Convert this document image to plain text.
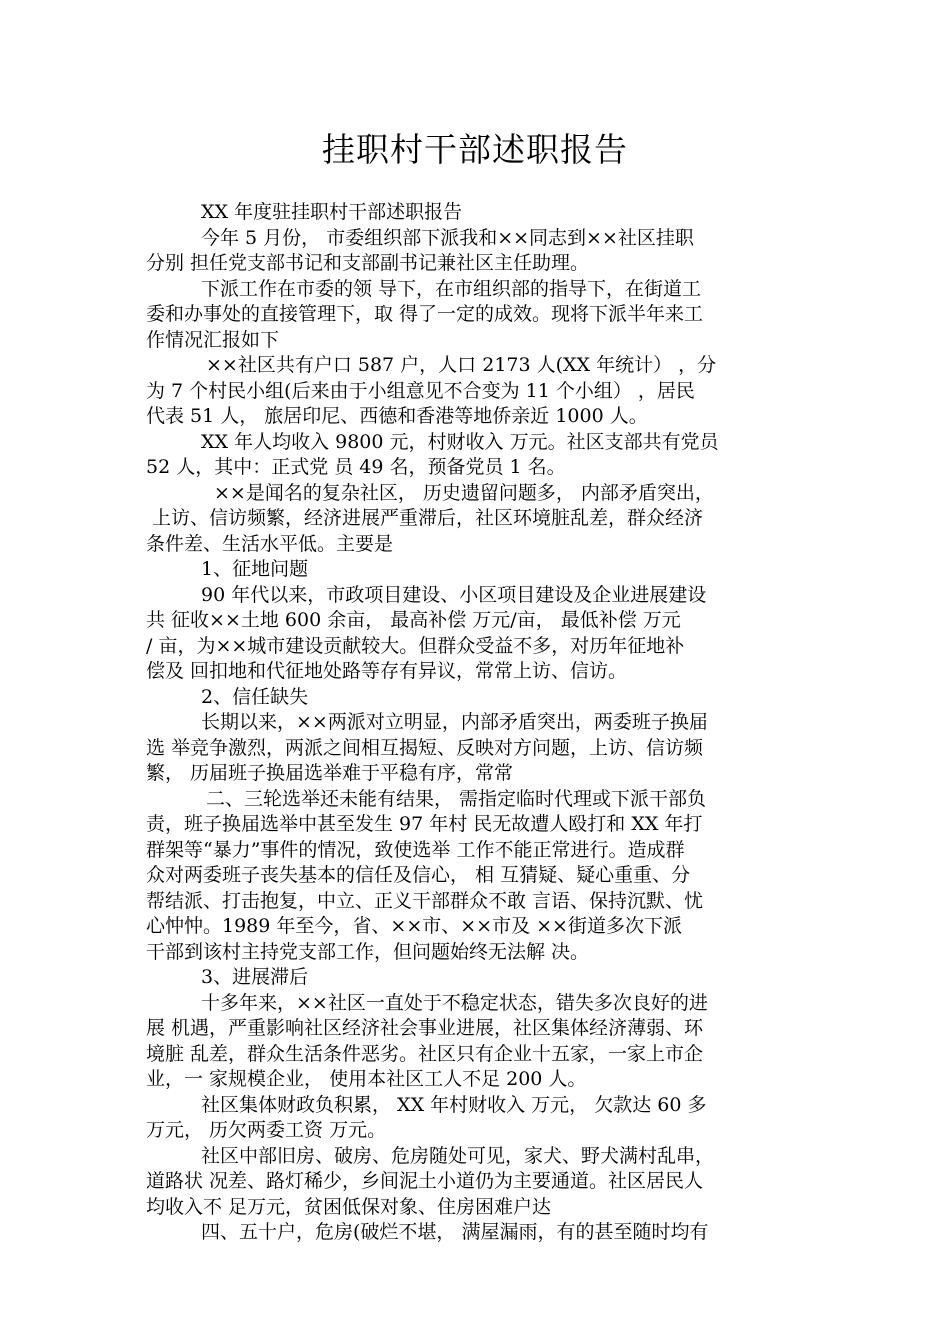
挂职村干部述职报告
XX 年度驻挂职村干部述职报告
今年 5 月份， 市委组织部下派我和××同志到××社区挂职
分别 担任党支部书记和支部副书记兼社区主任助理。
下派工作在市委的领 导下，在市组织部的指导下，在街道工
委和办事处的直接管理下，取 得了一定的成效。现将下派半年来工
作情况汇报如下
××社区共有户口 587 户，人口 2173 人(XX 年统计） ，分
为 7 个村民小组(后来由于小组意见不合变为 11 个小组） ，居民
代表 51 人， 旅居印尼、西德和香港等地侨亲近 1000 人。
XX 年人均收入 9800 元，村财收入 万元。社区支部共有党员
52 人，其中：正式党 员 49 名，预备党员 1 名。
××是闻名的复杂社区， 历史遗留问题多， 内部矛盾突出，
上访、信访频繁，经济进展严重滞后，社区环境脏乱差，群众经济
条件差、生活水平低。主要是
1、征地问题
90 年代以来，市政项目建设、小区项目建设及企业进展建设
共 征收××土地 600 余亩， 最高补偿 万元/亩， 最低补偿 万元
/ 亩，为××城市建设贡献较大。但群众受益不多，对历年征地补
偿及 回扣地和代征地处路等存有异议，常常上访、信访。
2、信任缺失
长期以来，××两派对立明显，内部矛盾突出，两委班子换届
选 举竞争激烈，两派之间相互揭短、反映对方问题，上访、信访频
繁， 历届班子换届选举难于平稳有序，常常
二、三轮选举还未能有结果， 需指定临时代理或下派干部负
责，班子换届选举中甚至发生 97 年村 民无故遭人殴打和 XX 年打
群架等“暴力”事件的情况，致使选举 工作不能正常进行。造成群
众对两委班子丧失基本的信任及信心， 相 互猜疑、疑心重重、分
帮结派、打击抱复，中立、正义干部群众不敢 言语、保持沉默、忧
心忡忡。1989 年至今，省、××市、××市及 ××街道多次下派
干部到该村主持党支部工作，但问题始终无法解 决。
3、进展滞后
十多年来，××社区一直处于不稳定状态，错失多次良好的进
展 机遇，严重影响社区经济社会事业进展，社区集体经济薄弱、环
境脏 乱差，群众生活条件恶劣。社区只有企业十五家，一家上市企
业，一 家规模企业， 使用本社区工人不足 200 人。
社区集体财政负积累， XX 年村财收入 万元， 欠款达 60 多
万元， 历欠两委工资 万元。
社区中部旧房、破房、危房随处可见，家犬、野犬满村乱串，
道路状 况差、路灯稀少，乡间泥土小道仍为主要通道。社区居民人
均收入不 足万元，贫困低保对象、住房困难户达
四、五十户，危房(破烂不堪， 满屋漏雨，有的甚至随时均有
